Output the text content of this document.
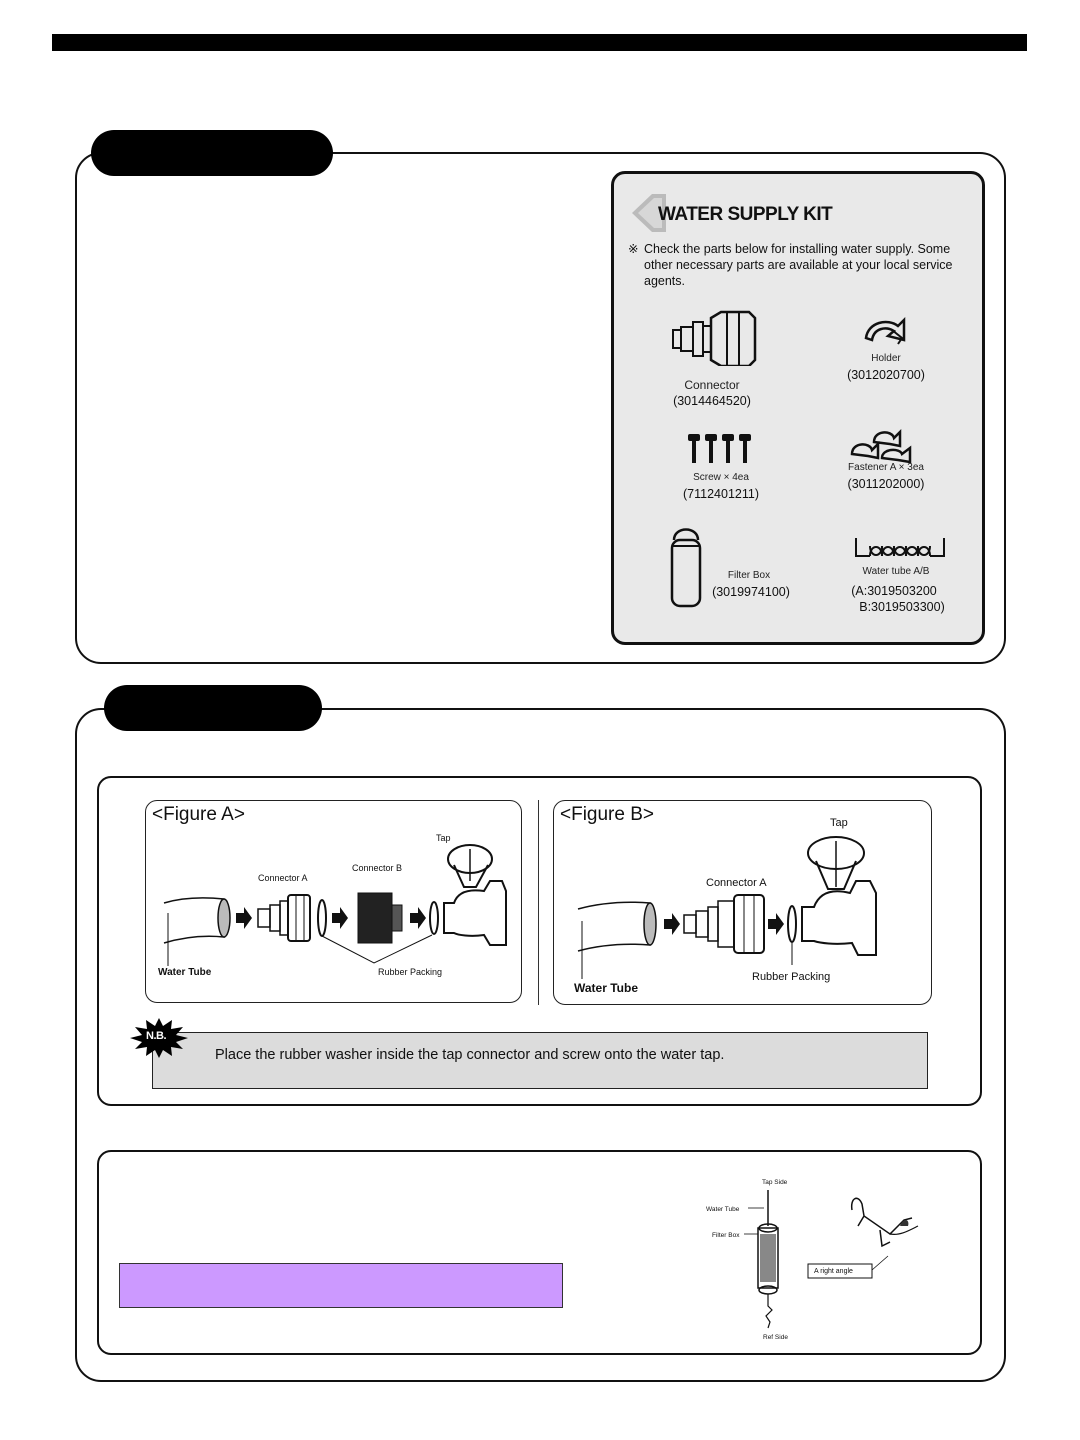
WATER SUPPLY KIT
※ Check the parts below for installing water supply. Some other necessary parts are available at your local service agents.
Connector
(3014464520)
Holder
(3012020700)
Screw × 4ea
(7112401211)
Fastener A × 3ea
(3011202000)
Filter Box
(3019974100)
Water tube A/B
(A:3019503200
B:3019503300)
<Figure A>
Tap
Connector A
Connector B
Water Tube	Rubber Packing
<Figure B>	Tap
Connector A
Water Tube
Rubber Packing
Place the rubber washer inside the tap connector and screw onto the water tap.
N.B.
Tap Side
Water Tube
Filter Box
Ref Side
A right angle
